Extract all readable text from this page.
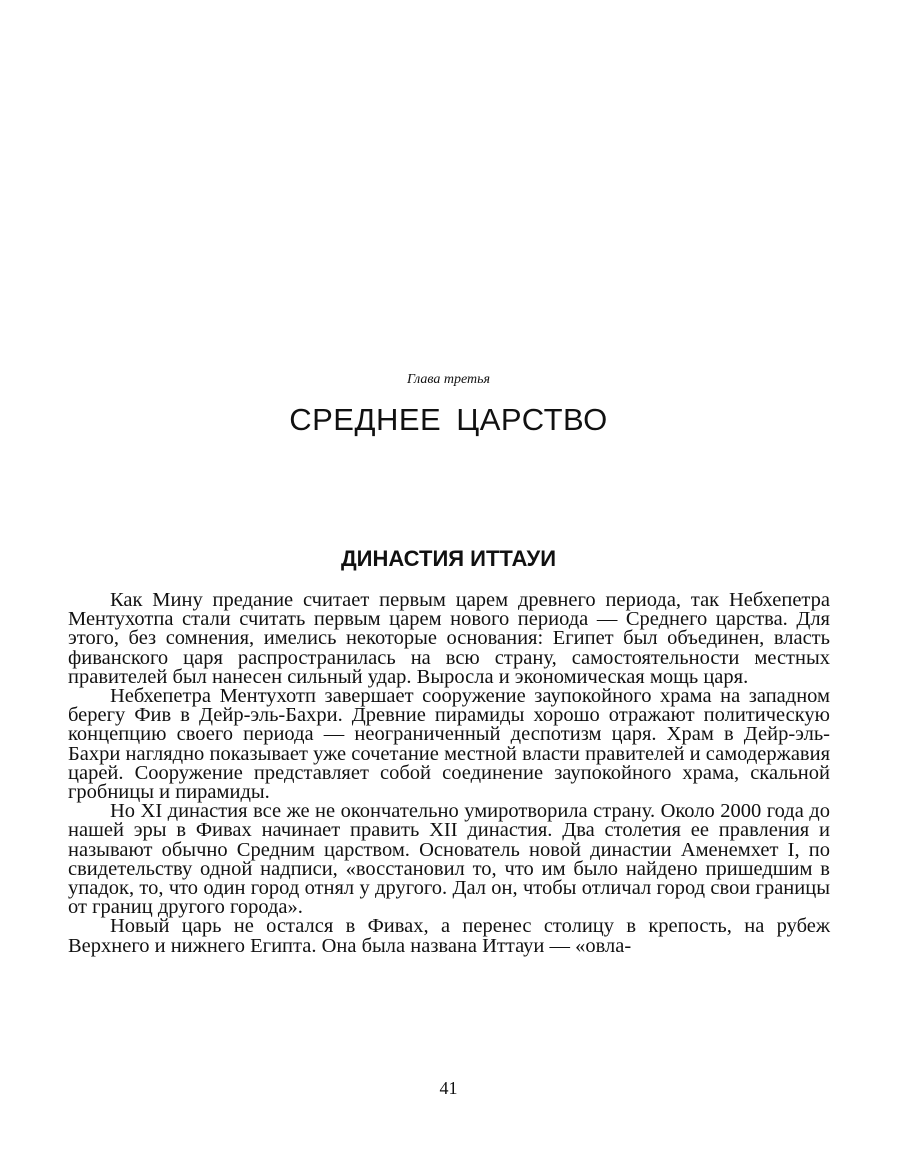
Глава третья
СРЕДНЕЕ ЦАРСТВО
ДИНАСТИЯ ИТТАУИ

Как Мину предание считает первым царем древнего периода, так Небхепетра Ментухотпа стали считать первым царем нового периода — Среднего царства. Для этого, без сомнения, имелись некоторые основания: Египет был объединен, власть фиванского царя распространилась на всю страну, самостоятельности местных правителей был нанесен сильный удар. Выросла и экономическая мощь царя.

Небхепетра Ментухотп завершает сооружение заупокойного храма на западном берегу Фив в Дейр-эль-Бахри. Древние пирамиды хорошо отражают политическую концепцию своего периода — неограниченный деспотизм царя. Храм в Дейр-эль-Бахри наглядно показывает уже сочетание местной власти правителей и самодержавия царей. Сооружение представляет собой соединение заупокойного храма, скальной гробницы и пирамиды.

Но XI династия все же не окончательно умиротворила страну. Около 2000 года до нашей эры в Фивах начинает править XII династия. Два столетия ее правления и называют обычно Средним царством. Основатель новой династии Аменемхет I, по свидетельству одной надписи, «восстановил то, что им было найдено пришедшим в упадок, то, что один город отнял у другого. Дал он, чтобы отличал город свои границы от границ другого города».

Новый царь не остался в Фивах, а перенес столицу в крепость, на рубеж Верхнего и нижнего Египта. Она была названа Иттауи — «овла-

41
